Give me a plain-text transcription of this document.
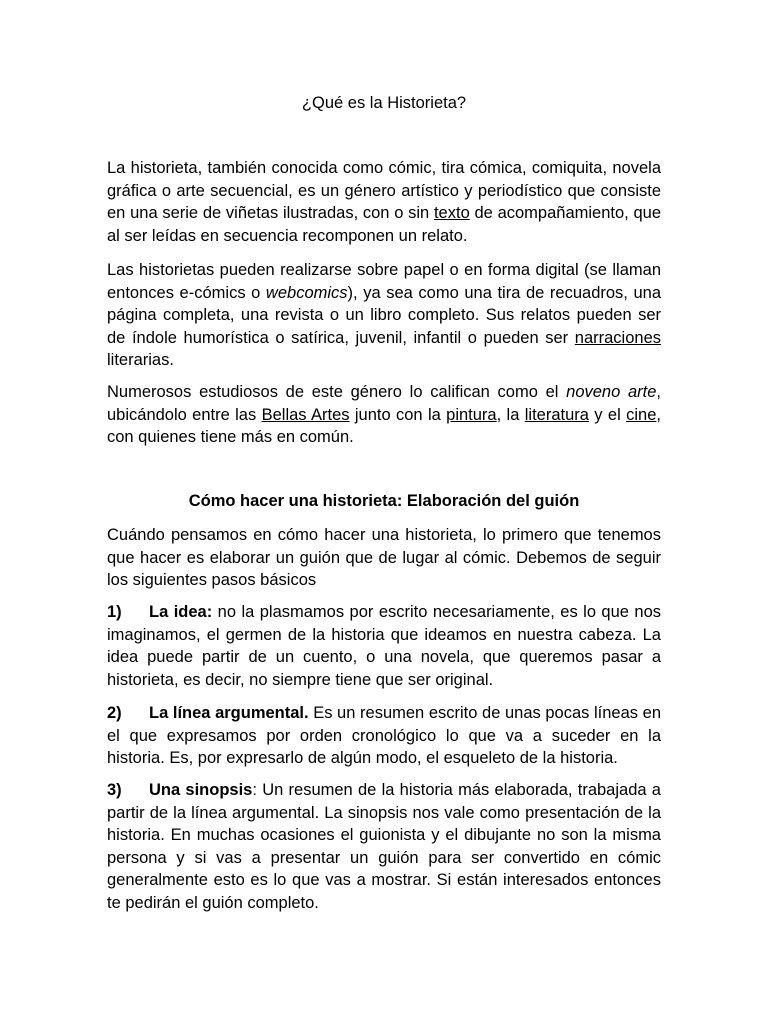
¿Qué es la Historieta?

La historieta, también conocida como cómic, tira cómica, comiquita, novela gráfica o arte secuencial, es un género artístico y periodístico que consiste en una serie de viñetas ilustradas, con o sin texto de acompañamiento, que al ser leídas en secuencia recomponen un relato.

Las historietas pueden realizarse sobre papel o en forma digital (se llaman entonces e-cómics o webcomics), ya sea como una tira de recuadros, una página completa, una revista o un libro completo. Sus relatos pueden ser de índole humorística o satírica, juvenil, infantil o pueden ser narraciones literarias.

Numerosos estudiosos de este género lo califican como el noveno arte, ubicándolo entre las Bellas Artes junto con la pintura, la literatura y el cine, con quienes tiene más en común.

Cómo hacer una historieta: Elaboración del guión

Cuándo pensamos en cómo hacer una historieta, lo primero que tenemos que hacer es elaborar un guión que de lugar al cómic. Debemos de seguir los siguientes pasos básicos

1) La idea: no la plasmamos por escrito necesariamente, es lo que nos imaginamos, el germen de la historia que ideamos en nuestra cabeza. La idea puede partir de un cuento, o una novela, que queremos pasar a historieta, es decir, no siempre tiene que ser original.

2) La línea argumental. Es un resumen escrito de unas pocas líneas en el que expresamos por orden cronológico lo que va a suceder en la historia. Es, por expresarlo de algún modo, el esqueleto de la historia.

3) Una sinopsis: Un resumen de la historia más elaborada, trabajada a partir de la línea argumental. La sinopsis nos vale como presentación de la historia. En muchas ocasiones el guionista y el dibujante no son la misma persona y si vas a presentar un guión para ser convertido en cómic generalmente esto es lo que vas a mostrar. Si están interesados entonces te pedirán el guión completo.
